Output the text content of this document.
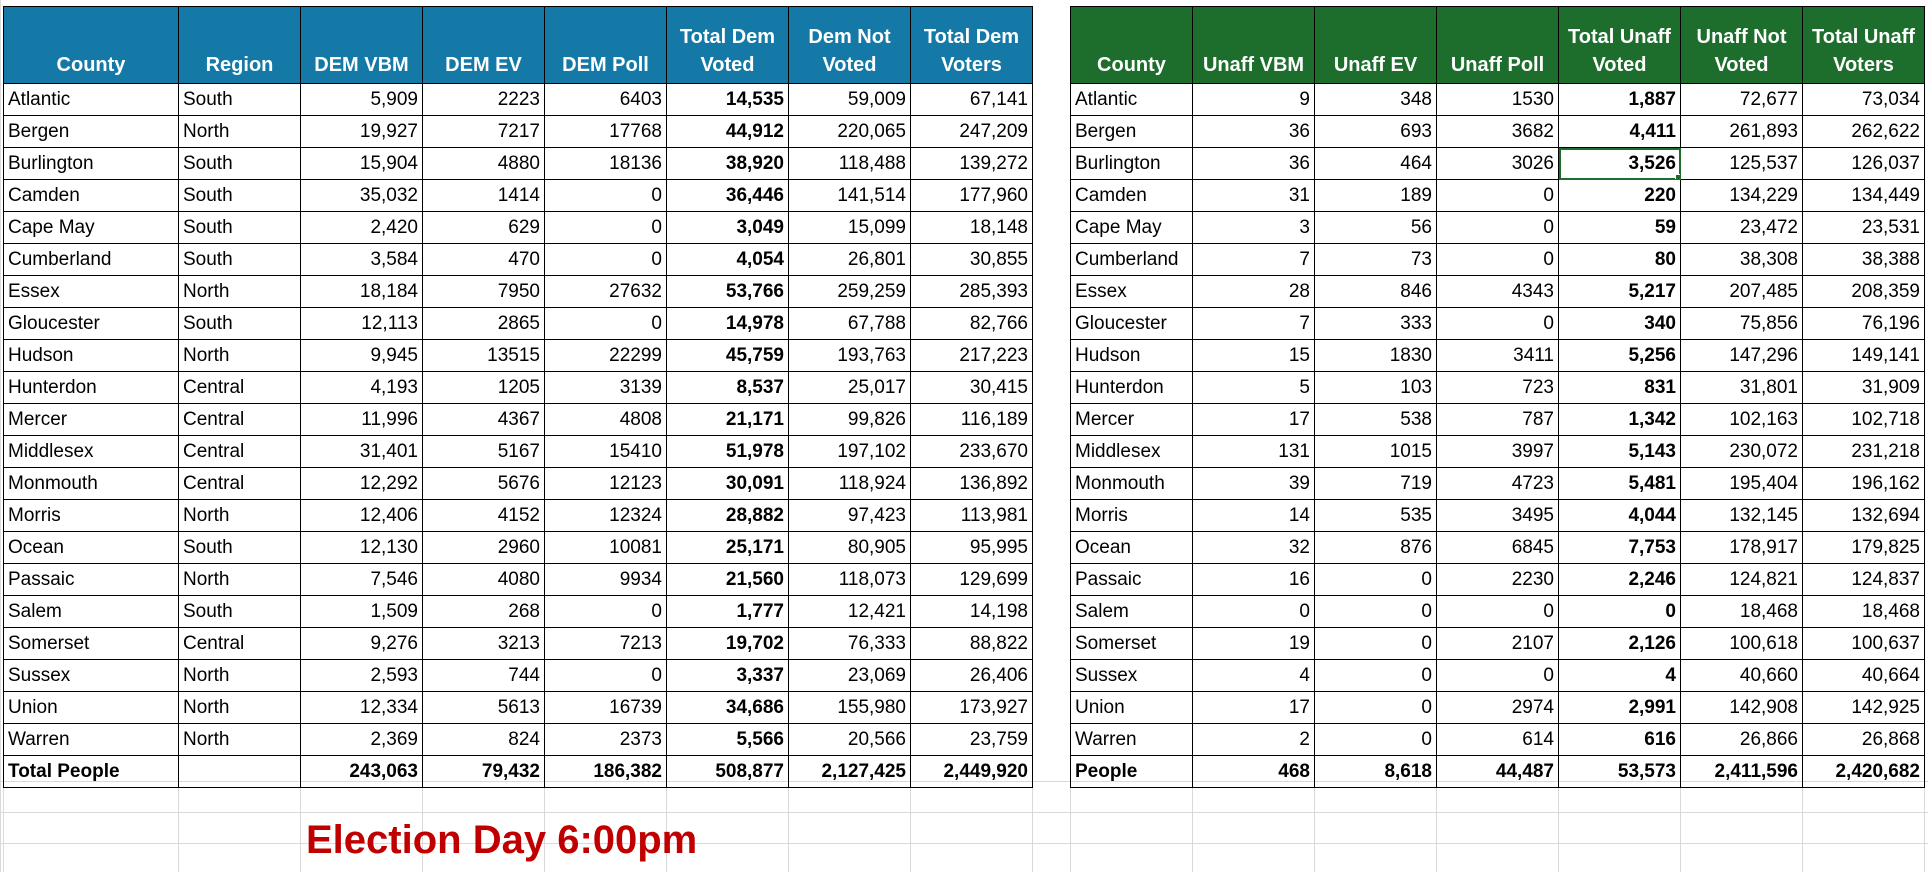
County	Region	DEM VBM	DEM EV	DEM Poll	Total Dem Voted	Dem Not Voted	Total Dem Voters
Atlantic	South	5,909	2223	6403	14,535	59,009	67,141
Bergen	North	19,927	7217	17768	44,912	220,065	247,209
Burlington	South	15,904	4880	18136	38,920	118,488	139,272
Camden	South	35,032	1414	0	36,446	141,514	177,960
Cape May	South	2,420	629	0	3,049	15,099	18,148
Cumberland	South	3,584	470	0	4,054	26,801	30,855
Essex	North	18,184	7950	27632	53,766	259,259	285,393
Gloucester	South	12,113	2865	0	14,978	67,788	82,766
Hudson	North	9,945	13515	22299	45,759	193,763	217,223
Hunterdon	Central	4,193	1205	3139	8,537	25,017	30,415
Mercer	Central	11,996	4367	4808	21,171	99,826	116,189
Middlesex	Central	31,401	5167	15410	51,978	197,102	233,670
Monmouth	Central	12,292	5676	12123	30,091	118,924	136,892
Morris	North	12,406	4152	12324	28,882	97,423	113,981
Ocean	South	12,130	2960	10081	25,171	80,905	95,995
Passaic	North	7,546	4080	9934	21,560	118,073	129,699
Salem	South	1,509	268	0	1,777	12,421	14,198
Somerset	Central	9,276	3213	7213	19,702	76,333	88,822
Sussex	North	2,593	744	0	3,337	23,069	26,406
Union	North	12,334	5613	16739	34,686	155,980	173,927
Warren	North	2,369	824	2373	5,566	20,566	23,759
Total People		243,063	79,432	186,382	508,877	2,127,425	2,449,920
County	Unaff VBM	Unaff EV	Unaff Poll	Total Unaff Voted	Unaff Not Voted	Total Unaff Voters
Atlantic	9	348	1530	1,887	72,677	73,034
Bergen	36	693	3682	4,411	261,893	262,622
Burlington	36	464	3026	3,526	125,537	126,037
Camden	31	189	0	220	134,229	134,449
Cape May	3	56	0	59	23,472	23,531
Cumberland	7	73	0	80	38,308	38,388
Essex	28	846	4343	5,217	207,485	208,359
Gloucester	7	333	0	340	75,856	76,196
Hudson	15	1830	3411	5,256	147,296	149,141
Hunterdon	5	103	723	831	31,801	31,909
Mercer	17	538	787	1,342	102,163	102,718
Middlesex	131	1015	3997	5,143	230,072	231,218
Monmouth	39	719	4723	5,481	195,404	196,162
Morris	14	535	3495	4,044	132,145	132,694
Ocean	32	876	6845	7,753	178,917	179,825
Passaic	16	0	2230	2,246	124,821	124,837
Salem	0	0	0	0	18,468	18,468
Somerset	19	0	2107	2,126	100,618	100,637
Sussex	4	0	0	4	40,660	40,664
Union	17	0	2974	2,991	142,908	142,925
Warren	2	0	614	616	26,866	26,868
People	468	8,618	44,487	53,573	2,411,596	2,420,682
Election Day 6:00pm
